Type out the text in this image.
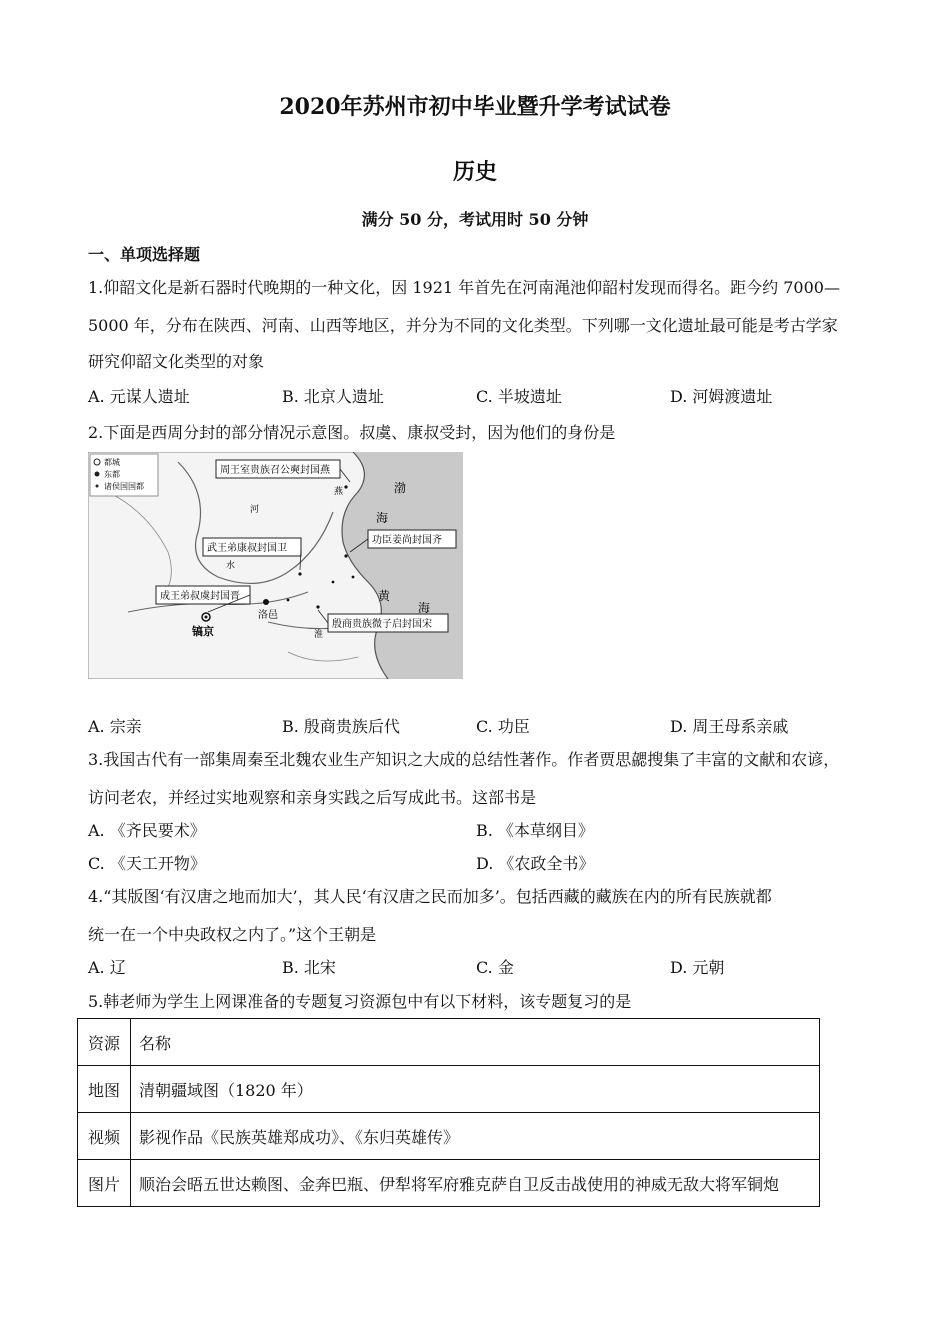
2020年苏州市初中毕业暨升学考试试卷
历史
满分 50 分，考试用时 50 分钟
一、单项选择题
1.仰韶文化是新石器时代晚期的一种文化，因 1921 年首先在河南渑池仰韶村发现而得名。距今约 7000—
5000 年，分布在陕西、河南、山西等地区，并分为不同的文化类型。下列哪一文化遗址最可能是考古学家
研究仰韶文化类型的对象
A. 元谋人遗址	B. 北京人遗址	C. 半坡遗址	D. 河姆渡遗址
2.下面是西周分封的部分情况示意图。叔虞、康叔受封，因为他们的身份是
都城
东都
诸侯国国都
周王室贵族召公奭封国燕
武王弟康叔封国卫
功臣姜尚封国齐
成王弟叔虞封国晋
殷商贵族微子启封国宋
镐京
洛邑
燕	渤
海
黄
海
河
淮
水
A. 宗亲	B. 殷商贵族后代	C. 功臣	D. 周王母系亲戚
3.我国古代有一部集周秦至北魏农业生产知识之大成的总结性著作。作者贾思勰搜集了丰富的文献和农谚，
访问老农，并经过实地观察和亲身实践之后写成此书。这部书是
A. 《齐民要术》	B. 《本草纲目》
C. 《天工开物》	D. 《农政全书》
4.“其版图‘有汉唐之地而加大’，其人民‘有汉唐之民而加多’。包括西藏的藏族在内的所有民族就都
统一在一个中央政权之内了。”这个王朝是
A. 辽	B. 北宋	C. 金	D. 元朝
5.韩老师为学生上网课准备的专题复习资源包中有以下材料，该专题复习的是
资源	名称
地图	清朝疆域图（1820 年）
视频	影视作品《民族英雄郑成功》、《东归英雄传》
图片	顺治会晤五世达赖图、金奔巴瓶、伊犁将军府雅克萨自卫反击战使用的神威无敌大将军铜炮
